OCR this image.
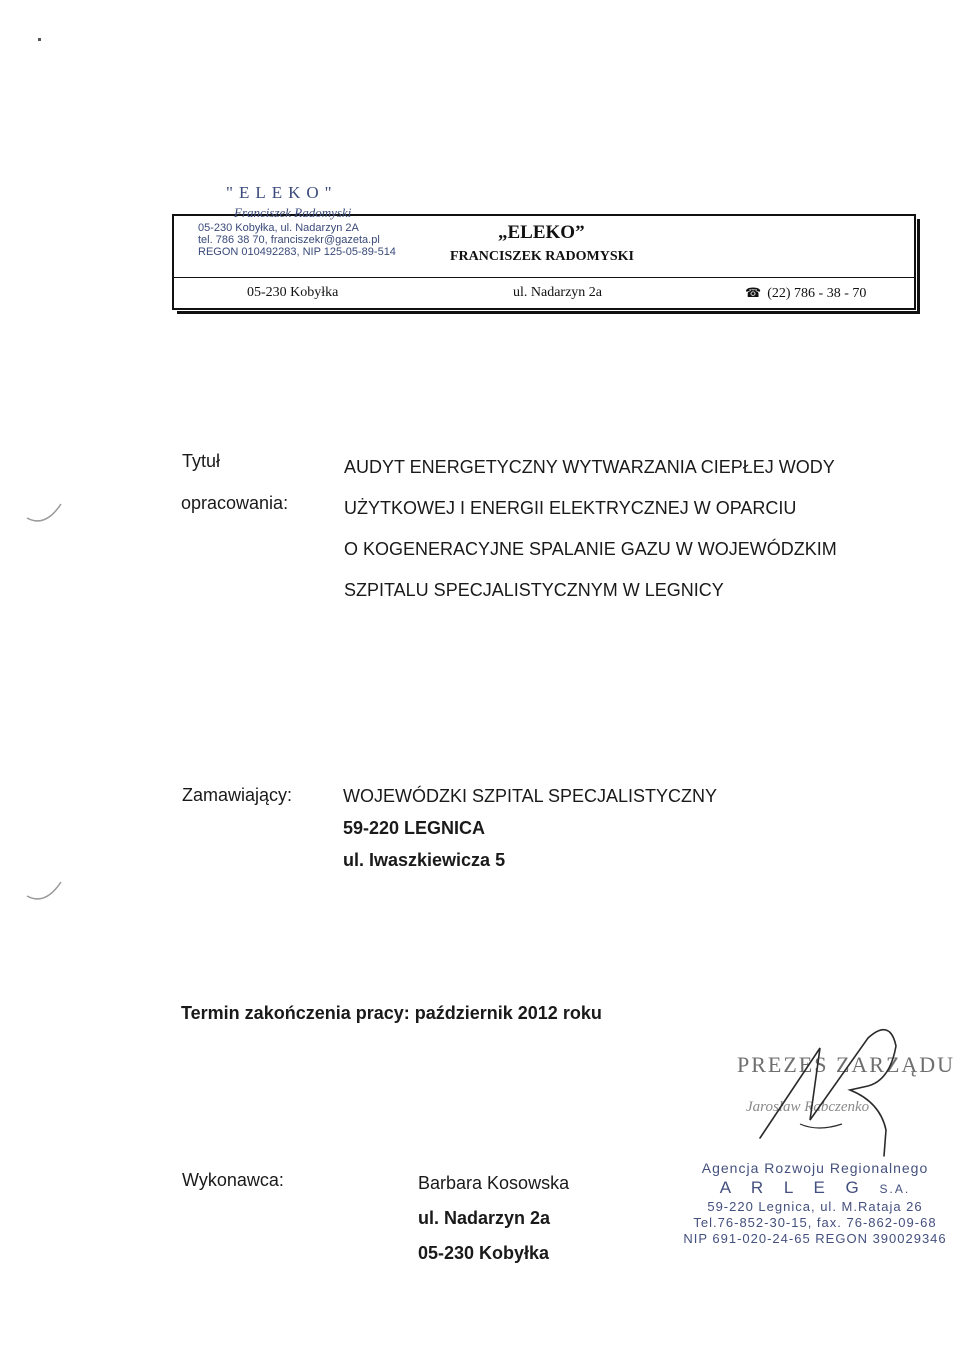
"ELEKO"
Franciszek Radomyski
05-230 Kobyłka, ul. Nadarzyn 2A
tel. 786 38 70, franciszekr@gazeta.pl
REGON 010492283, NIP 125-05-89-514
„ELEKO”
FRANCISZEK RADOMYSKI
05-230 Kobyłka	ul. Nadarzyn 2a	☎ (22) 786 - 38 - 70
Tytuł
opracowania:
AUDYT ENERGETYCZNY WYTWARZANIA CIEPŁEJ WODY
UŻYTKOWEJ I ENERGII ELEKTRYCZNEJ W OPARCIU
O KOGENERACYJNE SPALANIE GAZU W WOJEWÓDZKIM
SZPITALU SPECJALISTYCZNYM W LEGNICY
Zamawiający:	WOJEWÓDZKI SZPITAL SPECJALISTYCZNY
59-220 LEGNICA
ul. Iwaszkiewicza 5
Termin zakończenia pracy: październik 2012 roku
PREZES ZARZĄDU
Jarosław Rabczenko
Wykonawca:	Barbara Kosowska
ul. Nadarzyn 2a
05-230 Kobyłka
Agencja Rozwoju Regionalnego
A R L E G S.A.
59-220 Legnica, ul. M.Rataja 26
Tel.76-852-30-15, fax. 76-862-09-68
NIP 691-020-24-65 REGON 390029346
